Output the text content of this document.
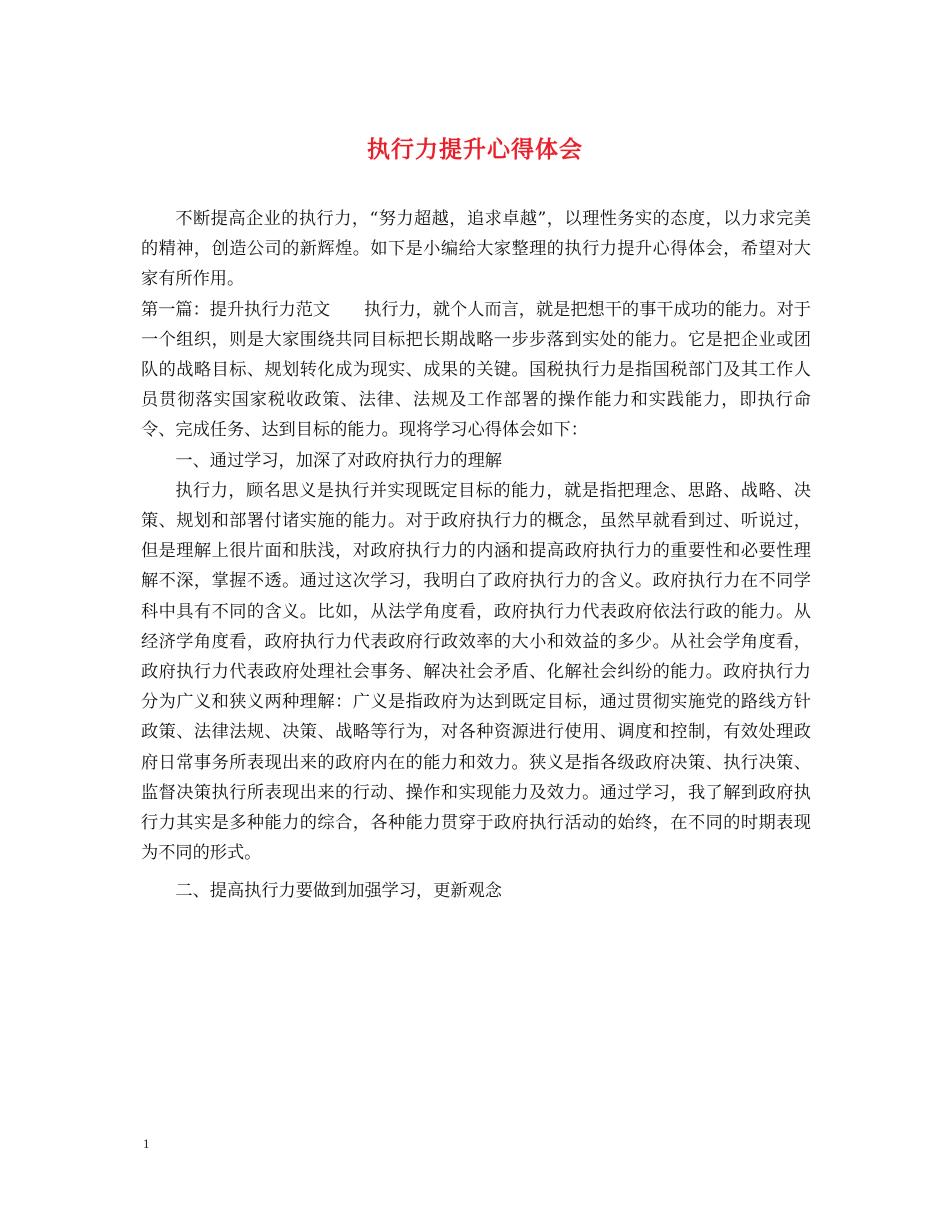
执行力提升心得体会

不断提高企业的执行力，“努力超越，追求卓越”，以理性务实的态度，以力求完美的精神，创造公司的新辉煌。如下是小编给大家整理的执行力提升心得体会，希望对大家有所作用。

第一篇：提升执行力范文 执行力，就个人而言，就是把想干的事干成功的能力。对于一个组织，则是大家围绕共同目标把长期战略一步步落到实处的能力。它是把企业或团队的战略目标、规划转化成为现实、成果的关键。国税执行力是指国税部门及其工作人员贯彻落实国家税收政策、法律、法规及工作部署的操作能力和实践能力，即执行命令、完成任务、达到目标的能力。现将学习心得体会如下：

一、通过学习，加深了对政府执行力的理解

执行力，顾名思义是执行并实现既定目标的能力，就是指把理念、思路、战略、决策、规划和部署付诸实施的能力。对于政府执行力的概念，虽然早就看到过、听说过，但是理解上很片面和肤浅，对政府执行力的内涵和提高政府执行力的重要性和必要性理解不深，掌握不透。通过这次学习，我明白了政府执行力的含义。政府执行力在不同学科中具有不同的含义。比如，从法学角度看，政府执行力代表政府依法行政的能力。从经济学角度看，政府执行力代表政府行政效率的大小和效益的多少。从社会学角度看，政府执行力代表政府处理社会事务、解决社会矛盾、化解社会纠纷的能力。政府执行力分为广义和狭义两种理解：广义是指政府为达到既定目标，通过贯彻实施党的路线方针政策、法律法规、决策、战略等行为，对各种资源进行使用、调度和控制，有效处理政府日常事务所表现出来的政府内在的能力和效力。狭义是指各级政府决策、执行决策、监督决策执行所表现出来的行动、操作和实现能力及效力。通过学习，我了解到政府执行力其实是多种能力的综合，各种能力贯穿于政府执行活动的始终，在不同的时期表现为不同的形式。

二、提高执行力要做到加强学习，更新观念

1
